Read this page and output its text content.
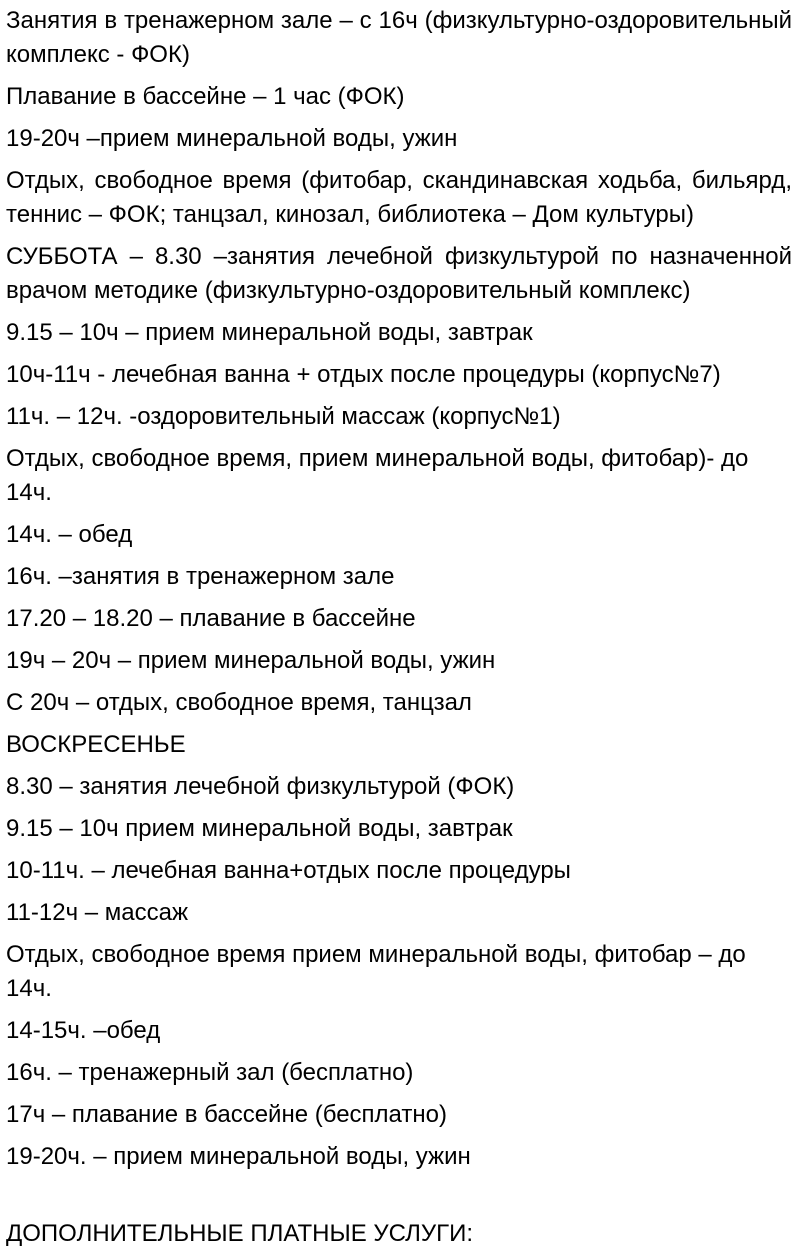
Занятия в тренажерном зале – с 16ч (физкультурно-оздоровительный комплекс - ФОК)
Плавание в бассейне – 1 час (ФОК)
19-20ч –прием минеральной воды, ужин
Отдых, свободное время (фитобар, скандинавская ходьба, бильярд, теннис – ФОК; танцзал, кинозал, библиотека – Дом культуры)
СУББОТА – 8.30 –занятия лечебной физкультурой по назначенной врачом методике (физкультурно-оздоровительный комплекс)
9.15 – 10ч – прием минеральной воды, завтрак
10ч-11ч - лечебная ванна + отдых после процедуры (корпус№7)
11ч. – 12ч. -оздоровительный массаж (корпус№1)
Отдых, свободное время, прием минеральной воды, фитобар)- до 14ч.
14ч. – обед
16ч. –занятия в тренажерном зале
17.20 – 18.20 – плавание в бассейне
19ч – 20ч – прием минеральной воды, ужин
С 20ч – отдых, свободное время, танцзал
ВОСКРЕСЕНЬЕ
8.30 – занятия лечебной физкультурой (ФОК)
9.15 – 10ч прием минеральной воды, завтрак
10-11ч. – лечебная ванна+отдых после процедуры
11-12ч – массаж
Отдых, свободное время прием минеральной воды, фитобар – до 14ч.
14-15ч. –обед
16ч. – тренажерный зал (бесплатно)
17ч – плавание в бассейне (бесплатно)
19-20ч. – прием минеральной воды, ужин
ДОПОЛНИТЕЛЬНЫЕ ПЛАТНЫЕ УСЛУГИ:
